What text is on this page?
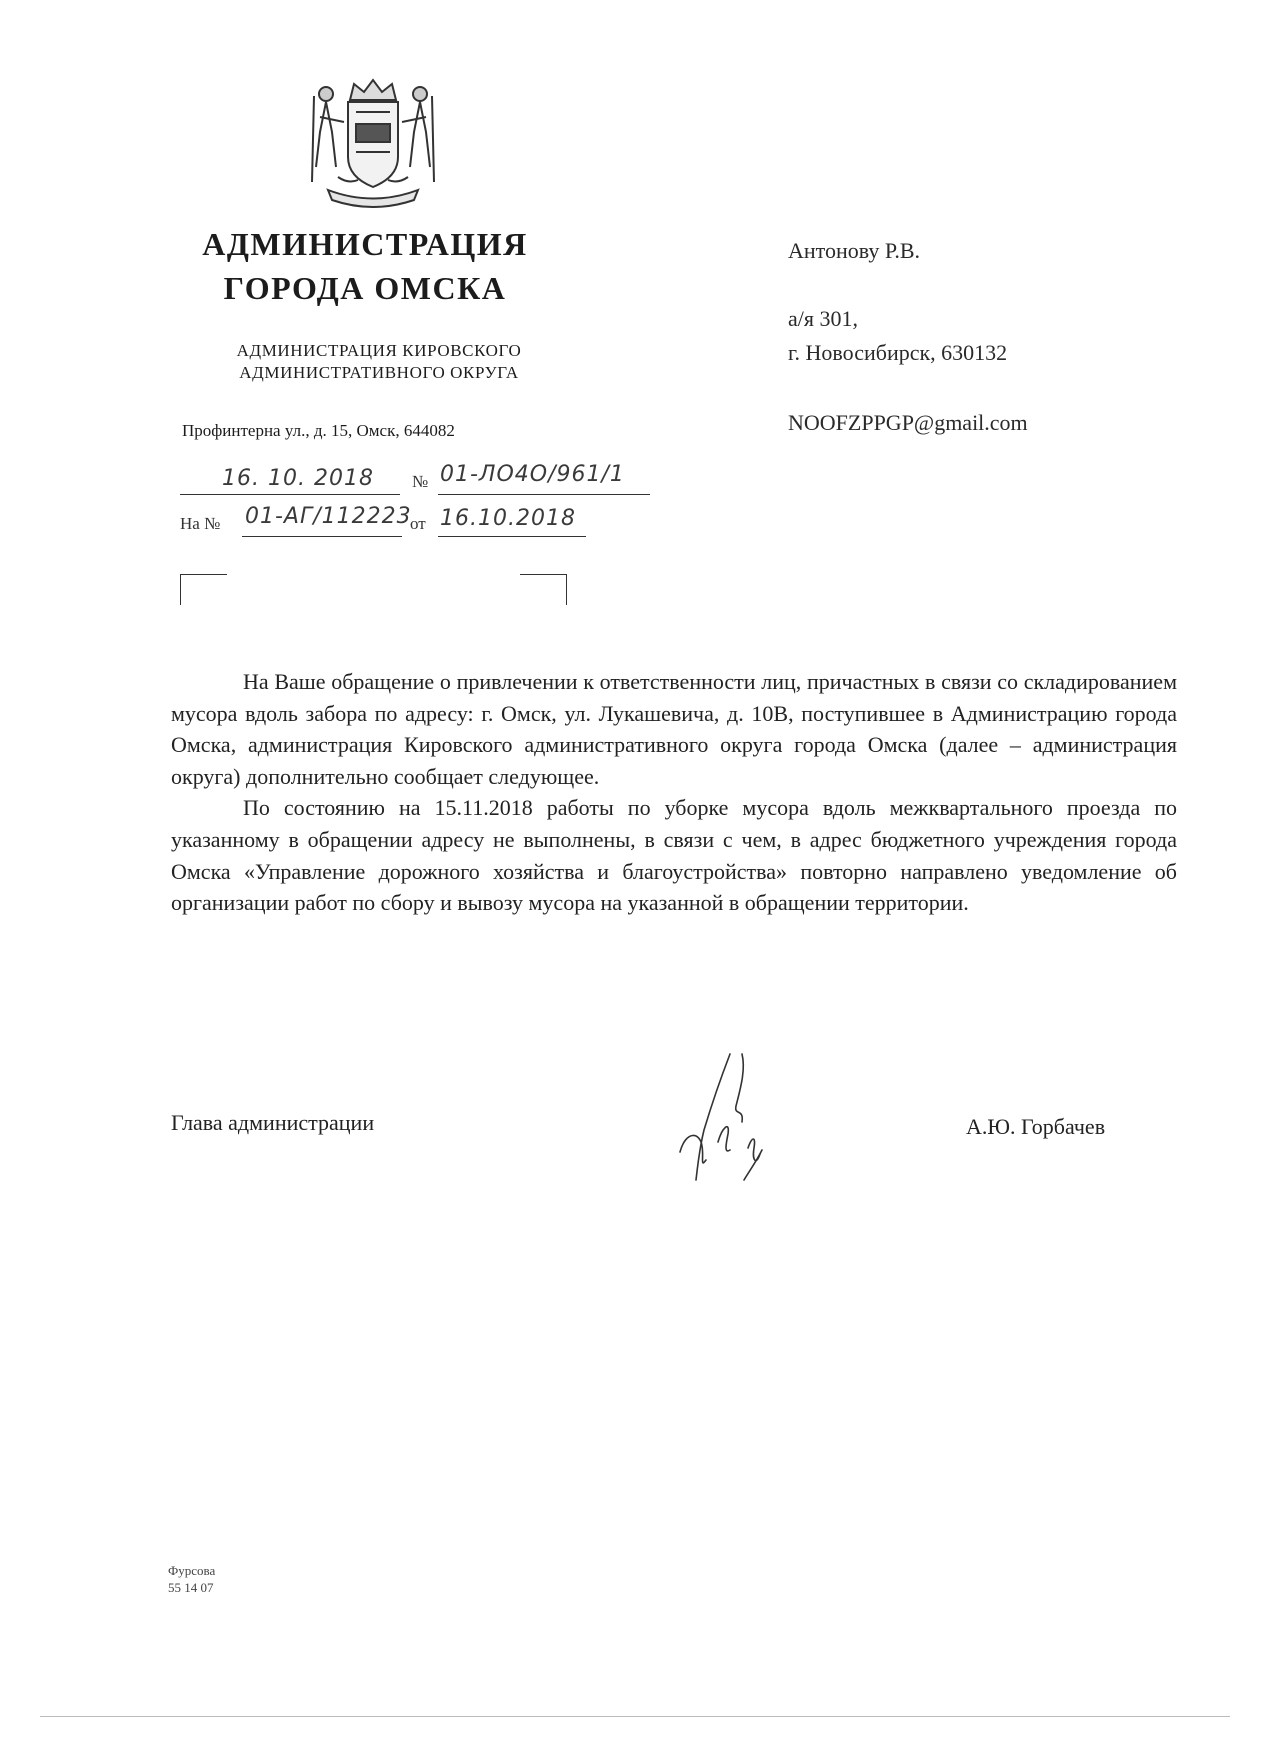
АДМИНИСТРАЦИЯ
ГОРОДА ОМСКА
АДМИНИСТРАЦИЯ КИРОВСКОГО
АДМИНИСТРАТИВНОГО ОКРУГА
Профинтерна ул., д. 15, Омск, 644082
16. 10. 2018 № 01-ЛО4О/961/1
На № 01-АГ/112223
от 16.10.2018
Антонову Р.В.
а/я 301,
г. Новосибирск, 630132
NOOFZPPGP@gmail.com

На Ваше обращение о привлечении к ответственности лиц, причастных в связи со складированием мусора вдоль забора по адресу: г. Омск, ул. Лукашевича, д. 10В, поступившее в Администрацию города Омска, администрация Кировского административного округа города Омска (далее – администрация округа) дополнительно сообщает следующее.

По состоянию на 15.11.2018 работы по уборке мусора вдоль межквартального проезда по указанному в обращении адресу не выполнены, в связи с чем, в адрес бюджетного учреждения города Омска «Управление дорожного хозяйства и благоустройства» повторно направлено уведомление об организации работ по сбору и вывозу мусора на указанной в обращении территории.

Глава администрации	А.Ю. Горбачев
Фурсова
55 14 07
